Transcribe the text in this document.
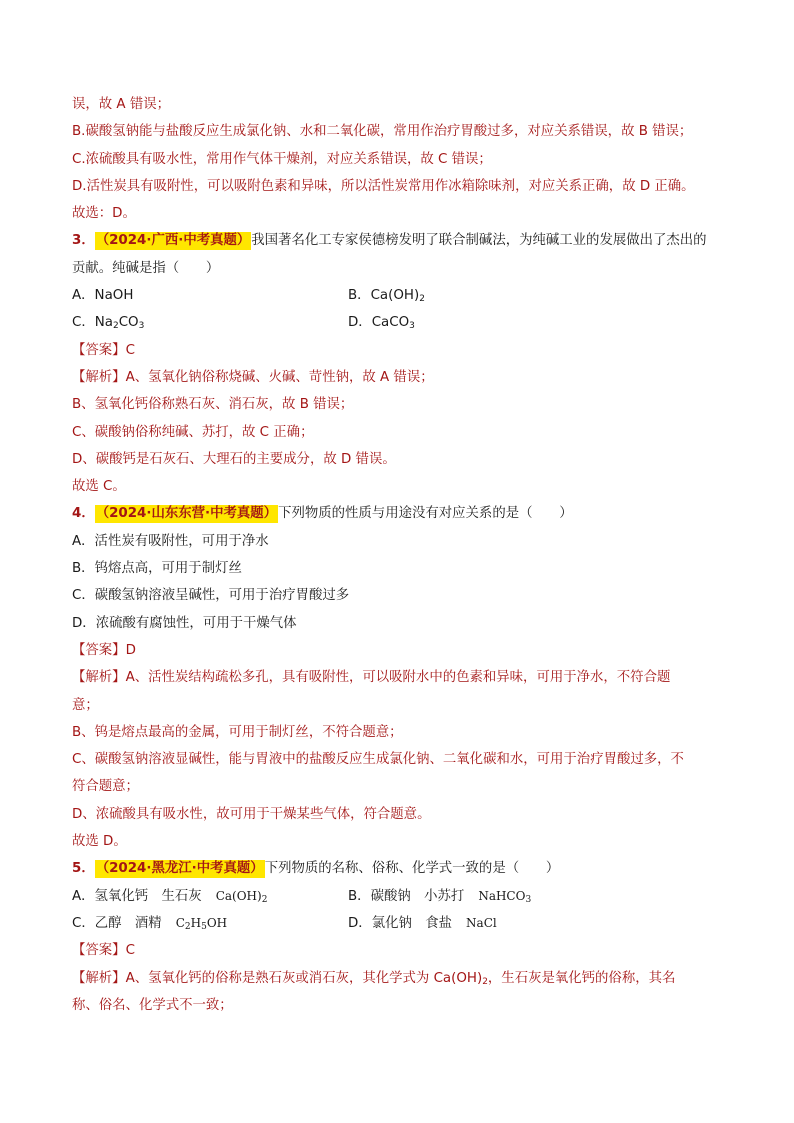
误，故 A 错误；
B.碳酸氢钠能与盐酸反应生成氯化钠、水和二氧化碳，常用作治疗胃酸过多，对应关系错误，故 B 错误；
C.浓硫酸具有吸水性，常用作气体干燥剂，对应关系错误，故 C 错误；
D.活性炭具有吸附性，可以吸附色素和异味，所以活性炭常用作冰箱除味剂，对应关系正确，故 D 正确。
故选：D。
3．（2024·广西·中考真题）我国著名化工专家侯德榜发明了联合制碱法，为纯碱工业的发展做出了杰出的
贡献。纯碱是指（　　）
A．NaOH	B．$Ca(OH)_2$
C．$Na_2CO_3$	D．CaCO$_3$
【答案】C
【解析】A、氢氧化钠俗称烧碱、火碱、苛性钠，故 A 错误；
B、氢氧化钙俗称熟石灰、消石灰，故 B 错误；
C、碳酸钠俗称纯碱、苏打，故 C 正确；
D、碳酸钙是石灰石、大理石的主要成分，故 D 错误。
故选 C。
4．（2024·山东东营·中考真题）下列物质的性质与用途没有对应关系的是（　　）
A．活性炭有吸附性，可用于净水
B．钨熔点高，可用于制灯丝
C．碳酸氢钠溶液呈碱性，可用于治疗胃酸过多
D．浓硫酸有腐蚀性，可用于干燥气体
【答案】D
【解析】A、活性炭结构疏松多孔，具有吸附性，可以吸附水中的色素和异味，可用于净水，不符合题
意；
B、钨是熔点最高的金属，可用于制灯丝，不符合题意；
C、碳酸氢钠溶液显碱性，能与胃液中的盐酸反应生成氯化钠、二氧化碳和水，可用于治疗胃酸过多，不
符合题意；
D、浓硫酸具有吸水性，故可用于干燥某些气体，符合题意。
故选 D。
5．（2024·黑龙江·中考真题）下列物质的名称、俗称、化学式一致的是（　　）
A．氢氧化钙　生石灰 $Ca(OH)_2$	B．碳酸钠　小苏打 NaHCO$_3$
C．乙醇　酒精 $C_2H_5OH$	D．氯化钠　食盐 NaCl
【答案】C
【解析】A、氢氧化钙的俗称是熟石灰或消石灰，其化学式为 $Ca(OH)_2$，生石灰是氧化钙的俗称，其名
称、俗名、化学式不一致；
